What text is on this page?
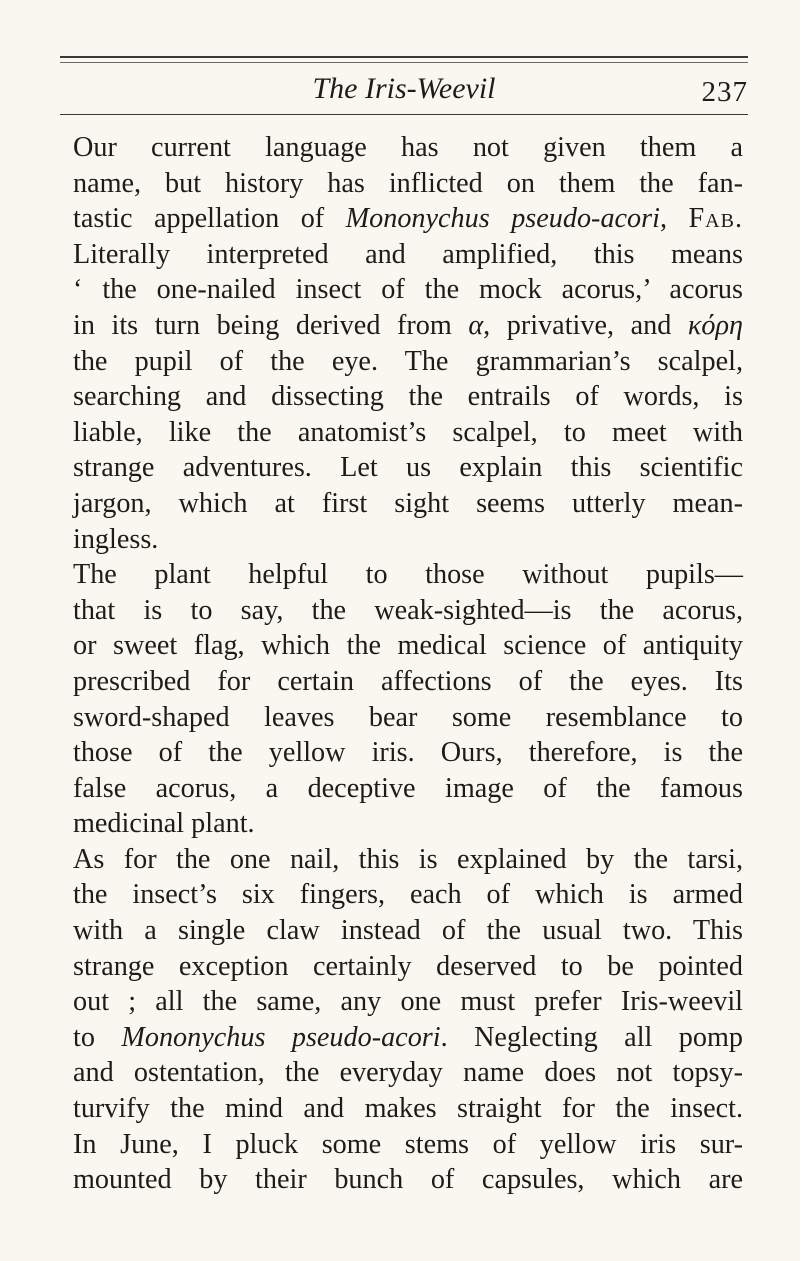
The Iris-Weevil	237
Our current language has not given them a
name, but history has inflicted on them the fan-
tastic appellation of Mononychus pseudo-acori, Fab.
Literally interpreted and amplified, this means
‘ the one-nailed insect of the mock acorus,’ acorus
in its turn being derived from α, privative, and κόρη
the pupil of the eye. The grammarian’s scalpel,
searching and dissecting the entrails of words, is
liable, like the anatomist’s scalpel, to meet with
strange adventures. Let us explain this scientific
jargon, which at first sight seems utterly mean-
ingless.
The plant helpful to those without pupils—
that is to say, the weak-sighted—is the acorus,
or sweet flag, which the medical science of antiquity
prescribed for certain affections of the eyes. Its
sword-shaped leaves bear some resemblance to
those of the yellow iris. Ours, therefore, is the
false acorus, a deceptive image of the famous
medicinal plant.
As for the one nail, this is explained by the tarsi,
the insect’s six fingers, each of which is armed
with a single claw instead of the usual two. This
strange exception certainly deserved to be pointed
out ; all the same, any one must prefer Iris-weevil
to Mononychus pseudo-acori. Neglecting all pomp
and ostentation, the everyday name does not topsy-
turvify the mind and makes straight for the insect.
In June, I pluck some stems of yellow iris sur-
mounted by their bunch of capsules, which are
